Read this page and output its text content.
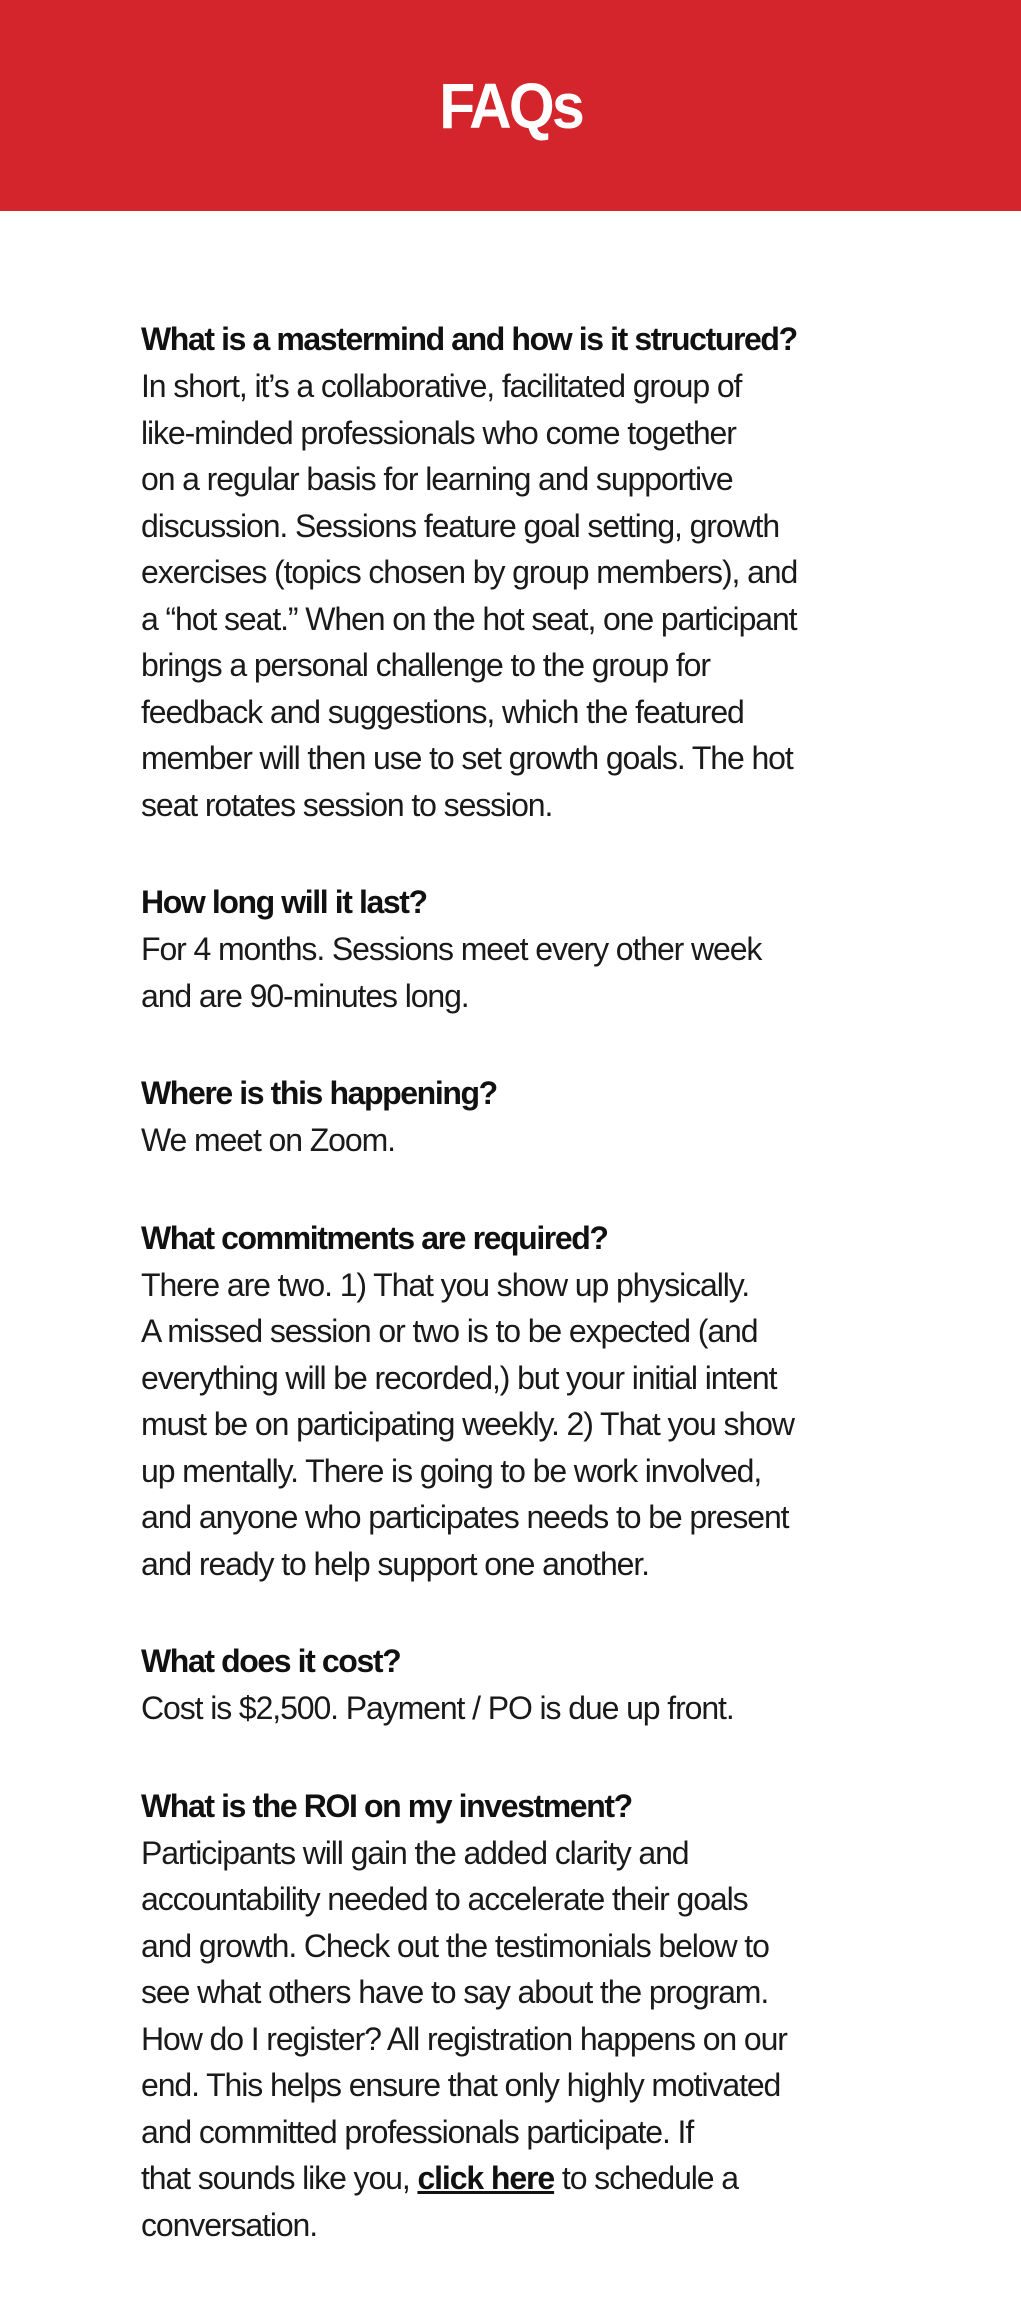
FAQs
What is a mastermind and how is it structured?

In short, it’s a collaborative, facilitated group of
like-minded professionals who come together
on a regular basis for learning and supportive
discussion. Sessions feature goal setting, growth
exercises (topics chosen by group members), and
a “hot seat.” When on the hot seat, one participant
brings a personal challenge to the group for
feedback and suggestions, which the featured
member will then use to set growth goals. The hot
seat rotates session to session.

How long will it last?

For 4 months. Sessions meet every other week
and are 90-minutes long.

Where is this happening?

We meet on Zoom.

What commitments are required?

There are two. 1) That you show up physically.
A missed session or two is to be expected (and
everything will be recorded,) but your initial intent
must be on participating weekly. 2) That you show
up mentally. There is going to be work involved,
and anyone who participates needs to be present
and ready to help support one another.

What does it cost?

Cost is $2,500. Payment / PO is due up front.

What is the ROI on my investment?

Participants will gain the added clarity and
accountability needed to accelerate their goals
and growth. Check out the testimonials below to
see what others have to say about the program.
How do I register? All registration happens on our
end. This helps ensure that only highly motivated
and committed professionals participate. If
that sounds like you, click here to schedule a
conversation.
